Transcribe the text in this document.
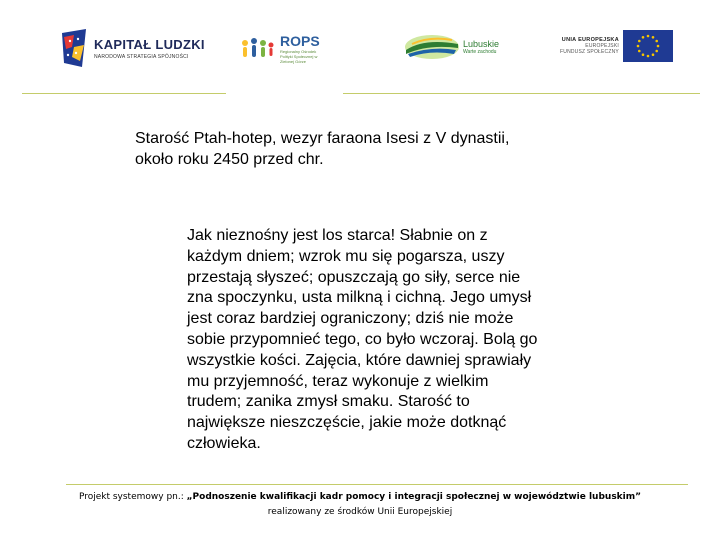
KAPITAŁ LUDZKI
NARODOWA STRATEGIA SPÓJNOŚCI
ROPS
Regionalny Ośrodek Polityki Społecznej w Zielonej Górze
Lubuskie
Warte zachodu
UNIA EUROPEJSKA
EUROPEJSKI
FUNDUSZ SPOŁECZNY
Starość Ptah-hotep, wezyr faraona Isesi z V dynastii, około roku 2450 przed chr.

Jak nieznośny jest los starca! Słabnie on z każdym dniem; wzrok mu się pogarsza, uszy przestają słyszeć; opuszczają go siły, serce nie zna spoczynku, usta milkną i cichną. Jego umysł jest coraz bardziej ograniczony; dziś nie może sobie przypomnieć tego, co było wczoraj. Bolą go wszystkie kości. Zajęcia, które dawniej sprawiały mu przyjemność, teraz wykonuje z wielkim trudem; zanika zmysł smaku. Starość to największe nieszczęście, jakie może dotknąć człowieka.

Projekt systemowy pn.: „Podnoszenie kwalifikacji kadr pomocy i integracji społecznej w województwie lubuskim”
realizowany ze środków Unii Europejskiej
